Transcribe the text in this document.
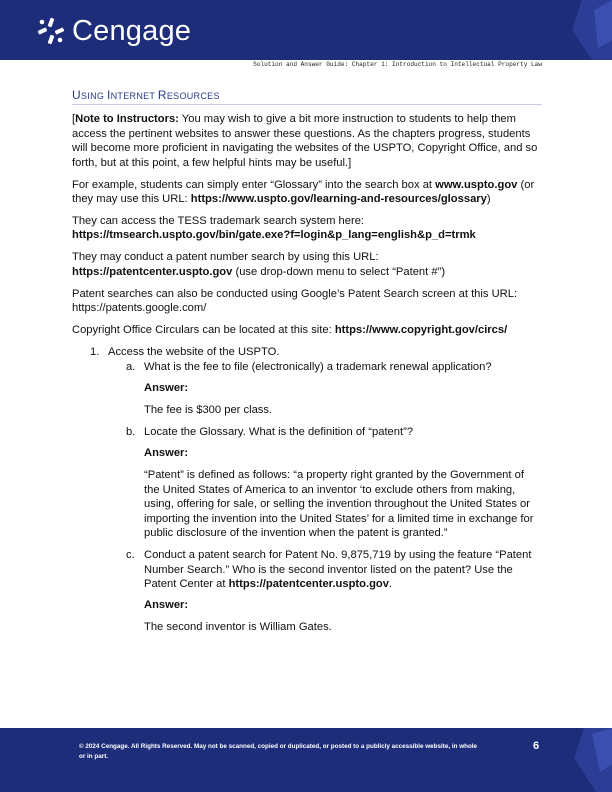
Cengage
Solution and Answer Guide: Chapter 1: Introduction to Intellectual Property Law
USING INTERNET RESOURCES
[Note to Instructors: You may wish to give a bit more instruction to students to help them access the pertinent websites to answer these questions. As the chapters progress, students will become more proficient in navigating the websites of the USPTO, Copyright Office, and so forth, but at this point, a few helpful hints may be useful.]
For example, students can simply enter “Glossary” into the search box at www.uspto.gov (or they may use this URL: https://www.uspto.gov/learning-and-resources/glossary)
They can access the TESS trademark search system here:
https://tmsearch.uspto.gov/bin/gate.exe?f=login&p_lang=english&p_d=trmk
They may conduct a patent number search by using this URL:
https://patentcenter.uspto.gov (use drop-down menu to select “Patent #”)
Patent searches can also be conducted using Google’s Patent Search screen at this URL: https://patents.google.com/
Copyright Office Circulars can be located at this site: https://www.copyright.gov/circs/
1. Access the website of the USPTO.
a. What is the fee to file (electronically) a trademark renewal application?
Answer:
The fee is $300 per class.
b. Locate the Glossary. What is the definition of “patent”?
Answer:
“Patent” is defined as follows: “a property right granted by the Government of the United States of America to an inventor ‘to exclude others from making, using, offering for sale, or selling the invention throughout the United States or importing the invention into the United States’ for a limited time in exchange for public disclosure of the invention when the patent is granted.”
c. Conduct a patent search for Patent No. 9,875,719 by using the feature “Patent Number Search.” Who is the second inventor listed on the patent? Use the Patent Center at https://patentcenter.uspto.gov.
Answer:
The second inventor is William Gates.
© 2024 Cengage. All Rights Reserved. May not be scanned, copied or duplicated, or posted to a publicly accessible website, in whole or in part.
6
